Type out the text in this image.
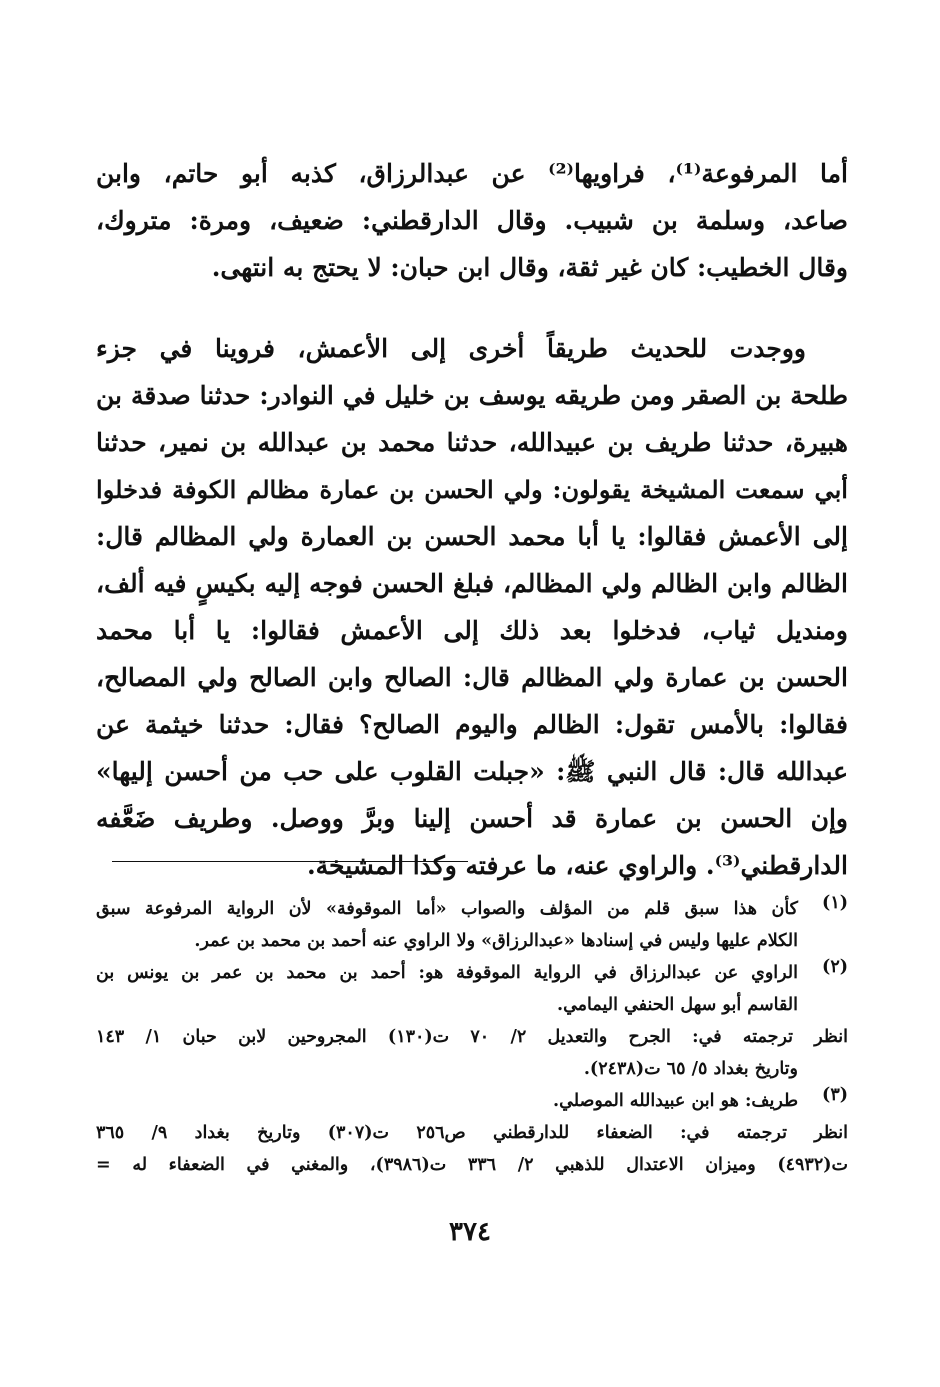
أما المرفوعة⁽¹⁾، فراويها⁽²⁾ عن عبدالرزاق، كذبه أبو حاتم، وابن
صاعد، وسلمة بن شبيب. وقال الدارقطني: ضعيف، ومرة: متروك،
وقال الخطيب: كان غير ثقة، وقال ابن حبان: لا يحتج به انتهى.
ووجدت للحديث طريقاً أخرى إلى الأعمش، فروينا في جزء
طلحة بن الصقر ومن طريقه يوسف بن خليل في النوادر: حدثنا صدقة بن
هبيرة، حدثنا طريف بن عبيدالله، حدثنا محمد بن عبدالله بن نمير، حدثنا
أبي سمعت المشيخة يقولون: ولي الحسن بن عمارة مظالم الكوفة فدخلوا
إلى الأعمش فقالوا: يا أبا محمد الحسن بن العمارة ولي المظالم قال:
الظالم وابن الظالم ولي المظالم، فبلغ الحسن فوجه إليه بكيسٍ فيه ألف،
ومنديل ثياب، فدخلوا بعد ذلك إلى الأعمش فقالوا: يا أبا محمد
الحسن بن عمارة ولي المظالم قال: الصالح وابن الصالح ولي المصالح،
فقالوا: بالأمس تقول: الظالم واليوم الصالح؟ فقال: حدثنا خيثمة عن
عبدالله قال: قال النبي ﷺ: «جبلت القلوب على حب من أحسن إليها»
وإن الحسن بن عمارة قد أحسن إلينا وبرَّ ووصل. وطريف ضَعَّفه
الدارقطني⁽³⁾. والراوي عنه، ما عرفته وكذا المشيخة.
(١)
كأن هذا سبق قلم من المؤلف والصواب «أما الموقوفة» لأن الرواية المرفوعة سبق
الكلام عليها وليس في إسنادها «عبدالرزاق» ولا الراوي عنه أحمد بن محمد بن عمر.
(٢)
الراوي عن عبدالرزاق في الرواية الموقوفة هو: أحمد بن محمد بن عمر بن يونس بن
القاسم أبو سهل الحنفي اليمامي.
انظر ترجمته في: الجرح والتعديل ٢/ ٧٠ ت(١٣٠) المجروحين لابن حبان ١/ ١٤٣
وتاريخ بغداد ٥/ ٦٥ ت(٢٤٣٨).
(٣)
طريف: هو ابن عبيدالله الموصلي.
انظر ترجمته في: الضعفاء للدارقطني ص٢٥٦ ت(٣٠٧) وتاريخ بغداد ٩/ ٣٦٥
ت(٤٩٣٢) وميزان الاعتدال للذهبي ٢/ ٣٣٦ ت(٣٩٨٦)، والمغني في الضعفاء له =
٣٧٤
